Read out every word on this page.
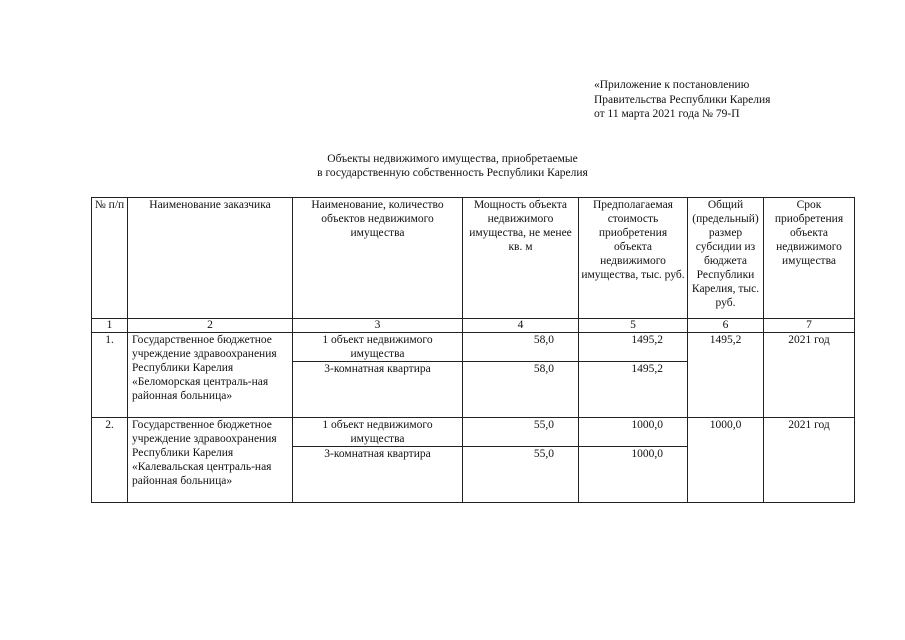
«Приложение к постановлению
Правительства Республики Карелия
от 11 марта 2021 года № 79-П
Объекты недвижимого имущества, приобретаемые
в государственную собственность Республики Карелия
№ п/п	Наименование заказчика	Наименование, количество объектов недвижимого имущества	Мощность объекта недвижимого имущества, не менее кв. м	Предполагаемая стоимость приобретения объекта недвижимого имущества, тыс. руб.	Общий (предельный) размер субсидии из бюджета Республики Карелия, тыс. руб.	Срок приобретения объекта недвижимого имущества
1	2	3	4	5	6	7
1.	Государственное бюджетное учреждение здравоохранения Республики Карелия «Беломорская централь-ная районная больница»	1 объект недвижимого имущества	58,0	1495,2	1495,2	2021 год
		3-комнатная квартира	58,0	1495,2		
2.	Государственное бюджетное учреждение здравоохранения Республики Карелия «Калевальская централь-ная районная больница»	1 объект недвижимого имущества	55,0	1000,0	1000,0	2021 год
		3-комнатная квартира	55,0	1000,0		
